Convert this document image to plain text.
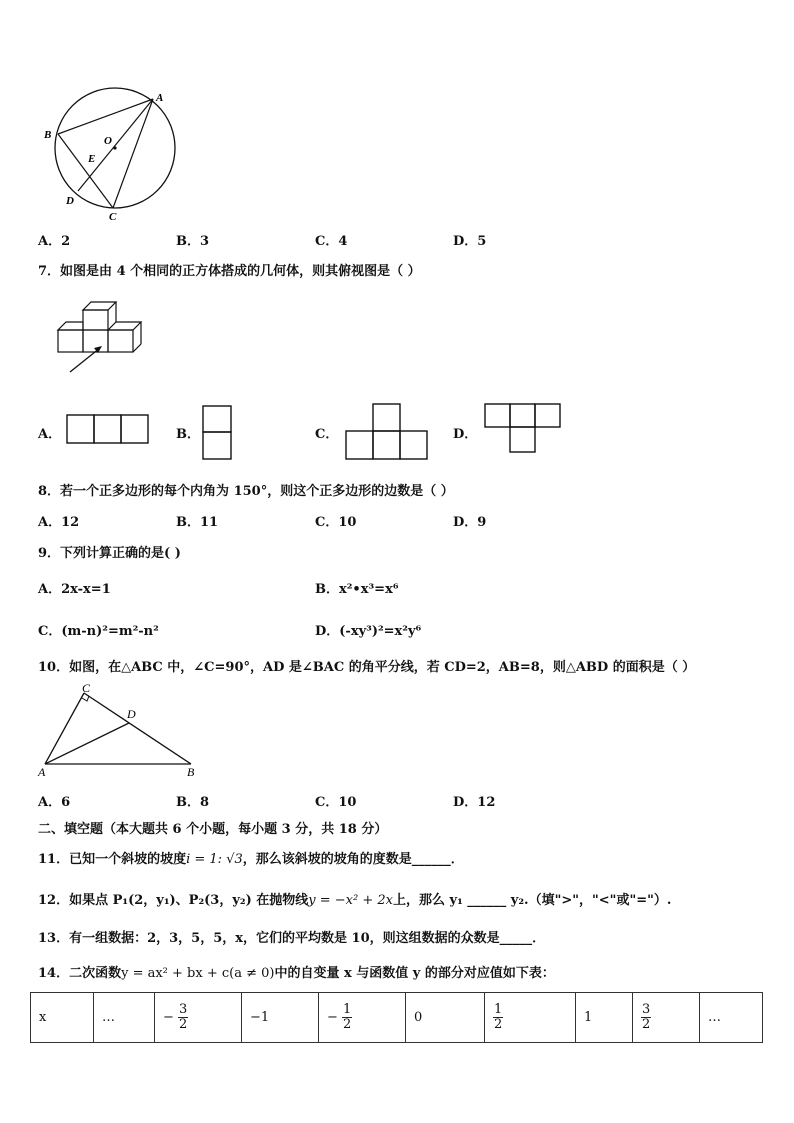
A
B	O
E
D
C
A．2	B．3	C．4	D．5
7．如图是由 4 个相同的正方体搭成的几何体，则其俯视图是（ ）
A．	B．	C．	D．
8．若一个正多边形的每个内角为 150°，则这个正多边形的边数是（ ）
A．12	B．11	C．10	D．9
9．下列计算正确的是( )
A．2x-x=1	B．x²•x³=x⁶
C．(m-n)²=m²-n²	D．(-xy³)²=x²y⁶
10．如图，在△ABC 中，∠C=90°，AD 是∠BAC 的角平分线，若 CD=2，AB=8，则△ABD 的面积是（ ）
C
D
A	B
A．6	B．8	C．10	D．12
二、填空题（本大题共 6 个小题，每小题 3 分，共 18 分）
11．已知一个斜坡的坡度i = 1: √3，那么该斜坡的坡角的度数是______．
12．如果点 P₁(2，y₁)、P₂(3，y₂) 在抛物线y = −x² + 2x上，那么 y₁ ______ y₂.（填">"，"<"或"="）.
13．有一组数据：2，3，5，5，x，它们的平均数是 10，则这组数据的众数是_____．
14．二次函数y = ax² + bx + c(a ≠ 0)中的自变量 x 与函数值 y 的部分对应值如下表：
x	…	− $\frac{3}{2}$	−1	− $\frac{1}{2}$	0	$\frac{1}{2}$	1	$\frac{3}{2}$	…
